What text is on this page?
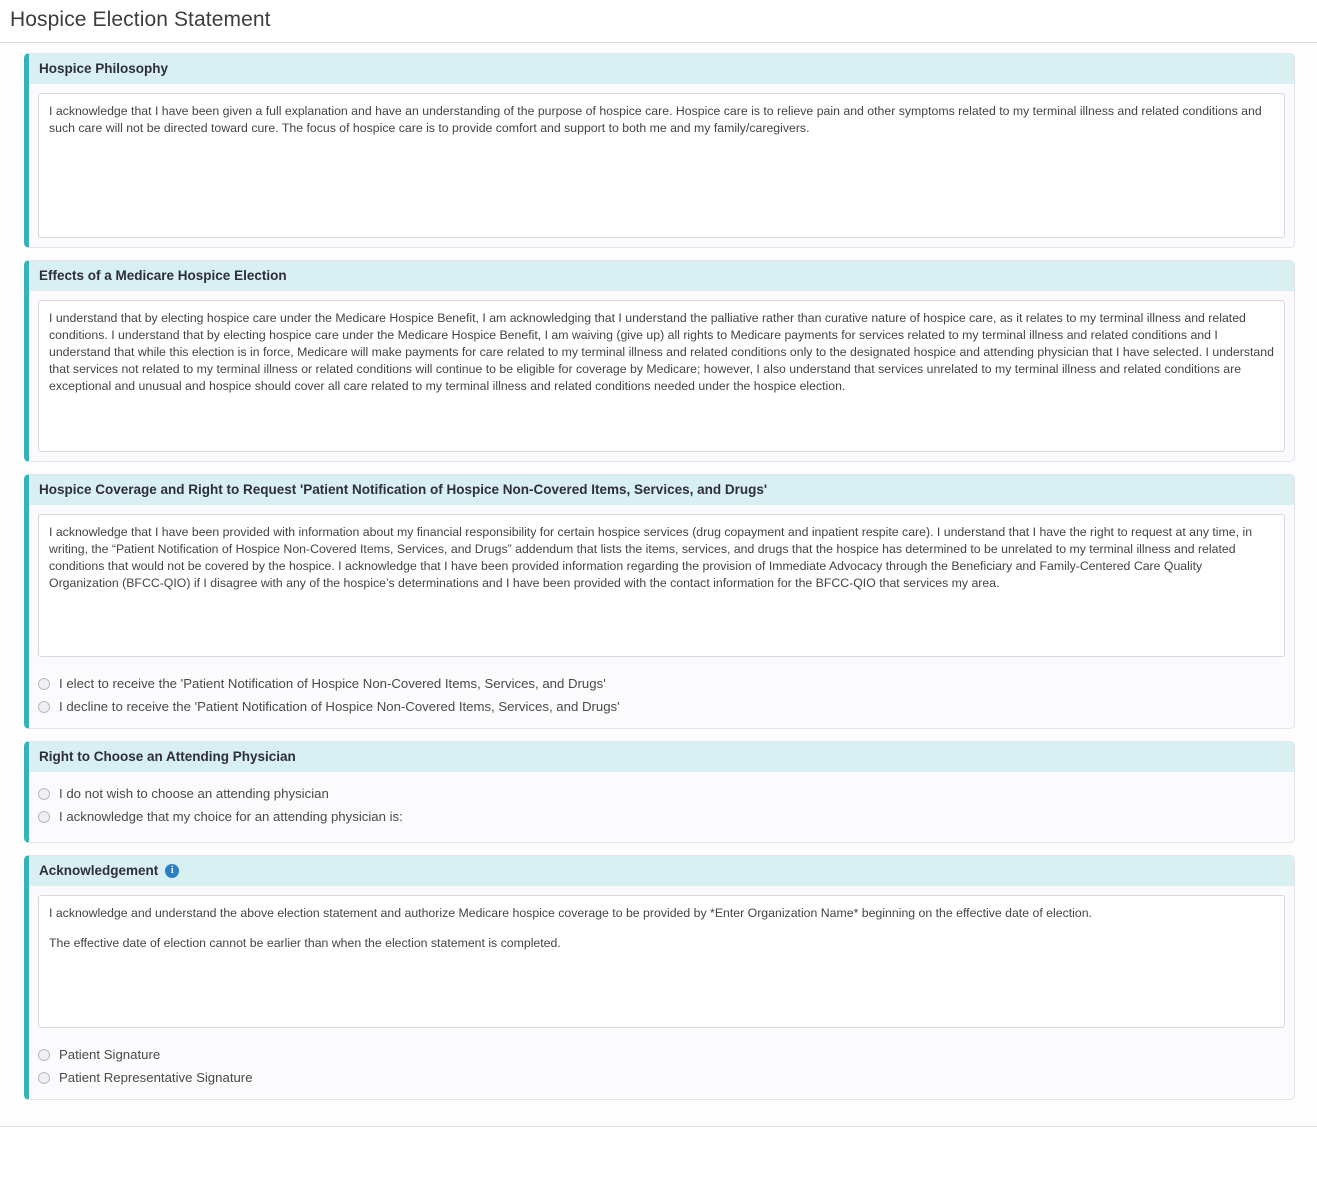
Hospice Election Statement
Hospice Philosophy

I acknowledge that I have been given a full explanation and have an understanding of the purpose of hospice care. Hospice care is to relieve pain and other symptoms related to my terminal illness and related conditions and such care will not be directed toward cure. The focus of hospice care is to provide comfort and support to both me and my family/caregivers.

Effects of a Medicare Hospice Election

I understand that by electing hospice care under the Medicare Hospice Benefit, I am acknowledging that I understand the palliative rather than curative nature of hospice care, as it relates to my terminal illness and related conditions. I understand that by electing hospice care under the Medicare Hospice Benefit, I am waiving (give up) all rights to Medicare payments for services related to my terminal illness and related conditions and I understand that while this election is in force, Medicare will make payments for care related to my terminal illness and related conditions only to the designated hospice and attending physician that I have selected. I understand that services not related to my terminal illness or related conditions will continue to be eligible for coverage by Medicare; however, I also understand that services unrelated to my terminal illness and related conditions are exceptional and unusual and hospice should cover all care related to my terminal illness and related conditions needed under the hospice election.

Hospice Coverage and Right to Request 'Patient Notification of Hospice Non-Covered Items, Services, and Drugs'

I acknowledge that I have been provided with information about my financial responsibility for certain hospice services (drug copayment and inpatient respite care). I understand that I have the right to request at any time, in writing, the “Patient Notification of Hospice Non-Covered Items, Services, and Drugs” addendum that lists the items, services, and drugs that the hospice has determined to be unrelated to my terminal illness and related conditions that would not be covered by the hospice. I acknowledge that I have been provided information regarding the provision of Immediate Advocacy through the Beneficiary and Family-Centered Care Quality Organization (BFCC-QIO) if I disagree with any of the hospice’s determinations and I have been provided with the contact information for the BFCC-QIO that services my area.

I elect to receive the 'Patient Notification of Hospice Non-Covered Items, Services, and Drugs'
I decline to receive the 'Patient Notification of Hospice Non-Covered Items, Services, and Drugs'
Right to Choose an Attending Physician
I do not wish to choose an attending physician
I acknowledge that my choice for an attending physician is:
Acknowledgement	i

I acknowledge and understand the above election statement and authorize Medicare hospice coverage to be provided by *Enter Organization Name* beginning on the effective date of election.

The effective date of election cannot be earlier than when the election statement is completed.

Patient Signature
Patient Representative Signature
